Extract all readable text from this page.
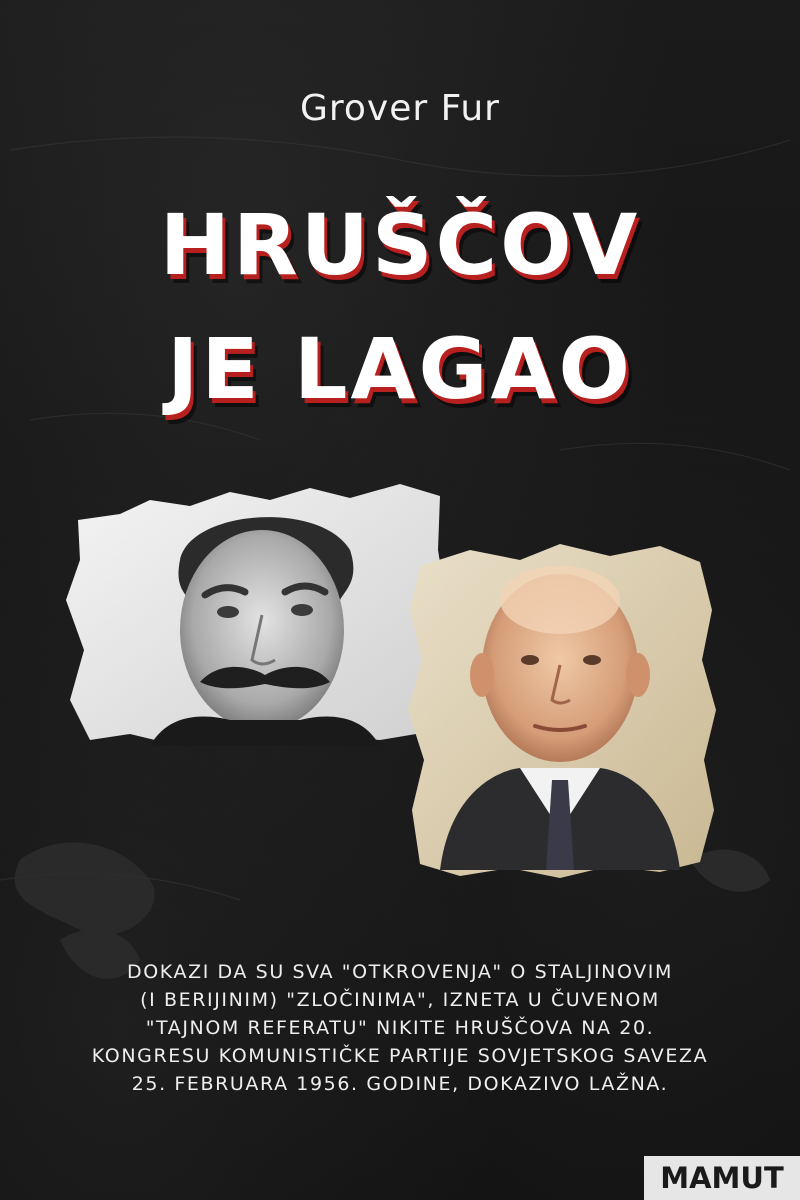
Grover Fur
HRUŠČOV
JE LAGAO
DOKAZI DA SU SVA "OTKROVENJA" O STALJINOVIM
(I BERIJINIM) "ZLOČINIMA", IZNETA U ČUVENOM
"TAJNOM REFERATU" NIKITE HRUŠČOVA NA 20.
KONGRESU KOMUNISTIČKE PARTIJE SOVJETSKOG SAVEZA
25. FEBRUARA 1956. GODINE, DOKAZIVO LAŽNA.
MAMUT
